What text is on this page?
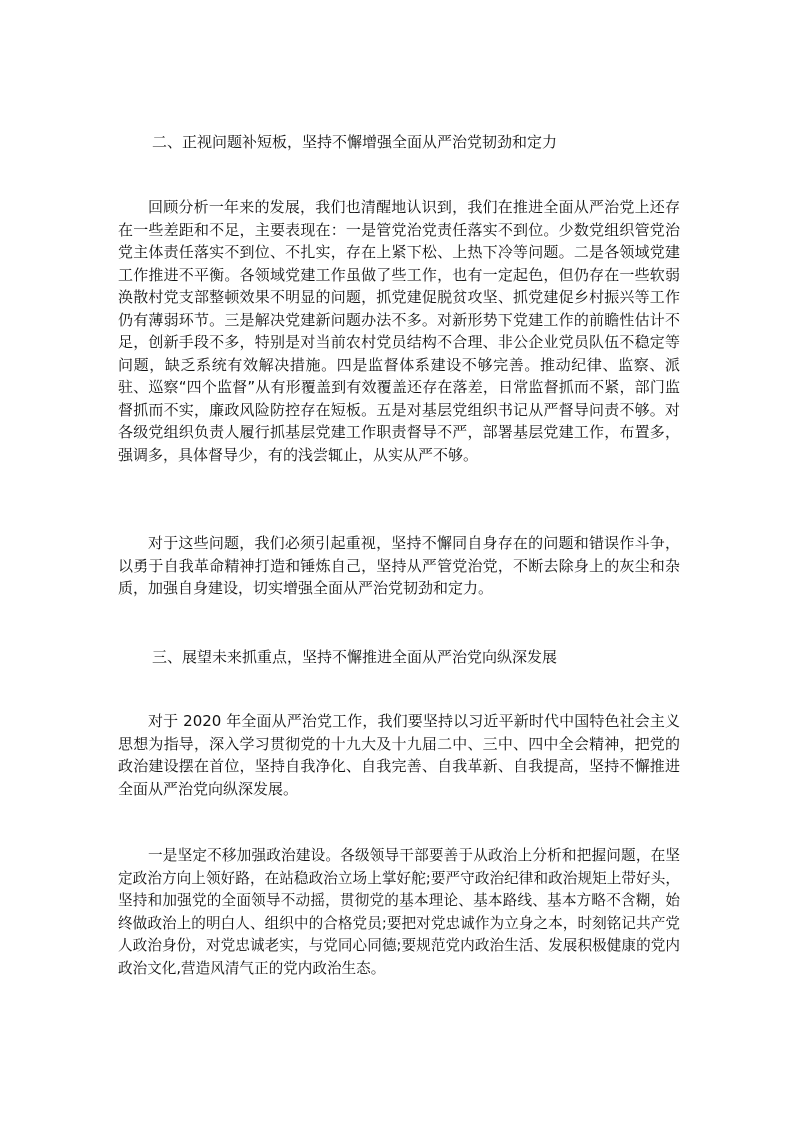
二、正视问题补短板，坚持不懈增强全面从严治党韧劲和定力
回顾分析一年来的发展，我们也清醒地认识到，我们在推进全面从严治党上还存在一些差距和不足，主要表现在：一是管党治党责任落实不到位。少数党组织管党治党主体责任落实不到位、不扎实，存在上紧下松、上热下冷等问题。二是各领域党建工作推进不平衡。各领域党建工作虽做了些工作，也有一定起色，但仍存在一些软弱涣散村党支部整顿效果不明显的问题，抓党建促脱贫攻坚、抓党建促乡村振兴等工作仍有薄弱环节。三是解决党建新问题办法不多。对新形势下党建工作的前瞻性估计不足，创新手段不多，特别是对当前农村党员结构不合理、非公企业党员队伍不稳定等问题，缺乏系统有效解决措施。四是监督体系建设不够完善。推动纪律、监察、派驻、巡察“四个监督”从有形覆盖到有效覆盖还存在落差，日常监督抓而不紧，部门监督抓而不实，廉政风险防控存在短板。五是对基层党组织书记从严督导问责不够。对各级党组织负责人履行抓基层党建工作职责督导不严，部署基层党建工作，布置多，强调多，具体督导少，有的浅尝辄止，从实从严不够。
对于这些问题，我们必须引起重视，坚持不懈同自身存在的问题和错误作斗争，以勇于自我革命精神打造和锤炼自己，坚持从严管党治党，不断去除身上的灰尘和杂质，加强自身建设，切实增强全面从严治党韧劲和定力。
三、展望未来抓重点，坚持不懈推进全面从严治党向纵深发展
对于 2020 年全面从严治党工作，我们要坚持以习近平新时代中国特色社会主义思想为指导，深入学习贯彻党的十九大及十九届二中、三中、四中全会精神，把党的政治建设摆在首位，坚持自我净化、自我完善、自我革新、自我提高，坚持不懈推进全面从严治党向纵深发展。
一是坚定不移加强政治建设。各级领导干部要善于从政治上分析和把握问题，在坚定政治方向上领好路，在站稳政治立场上掌好舵;要严守政治纪律和政治规矩上带好头，坚持和加强党的全面领导不动摇，贯彻党的基本理论、基本路线、基本方略不含糊，始终做政治上的明白人、组织中的合格党员;要把对党忠诚作为立身之本，时刻铭记共产党人政治身份，对党忠诚老实，与党同心同德;要规范党内政治生活、发展积极健康的党内政治文化,营造风清气正的党内政治生态。
